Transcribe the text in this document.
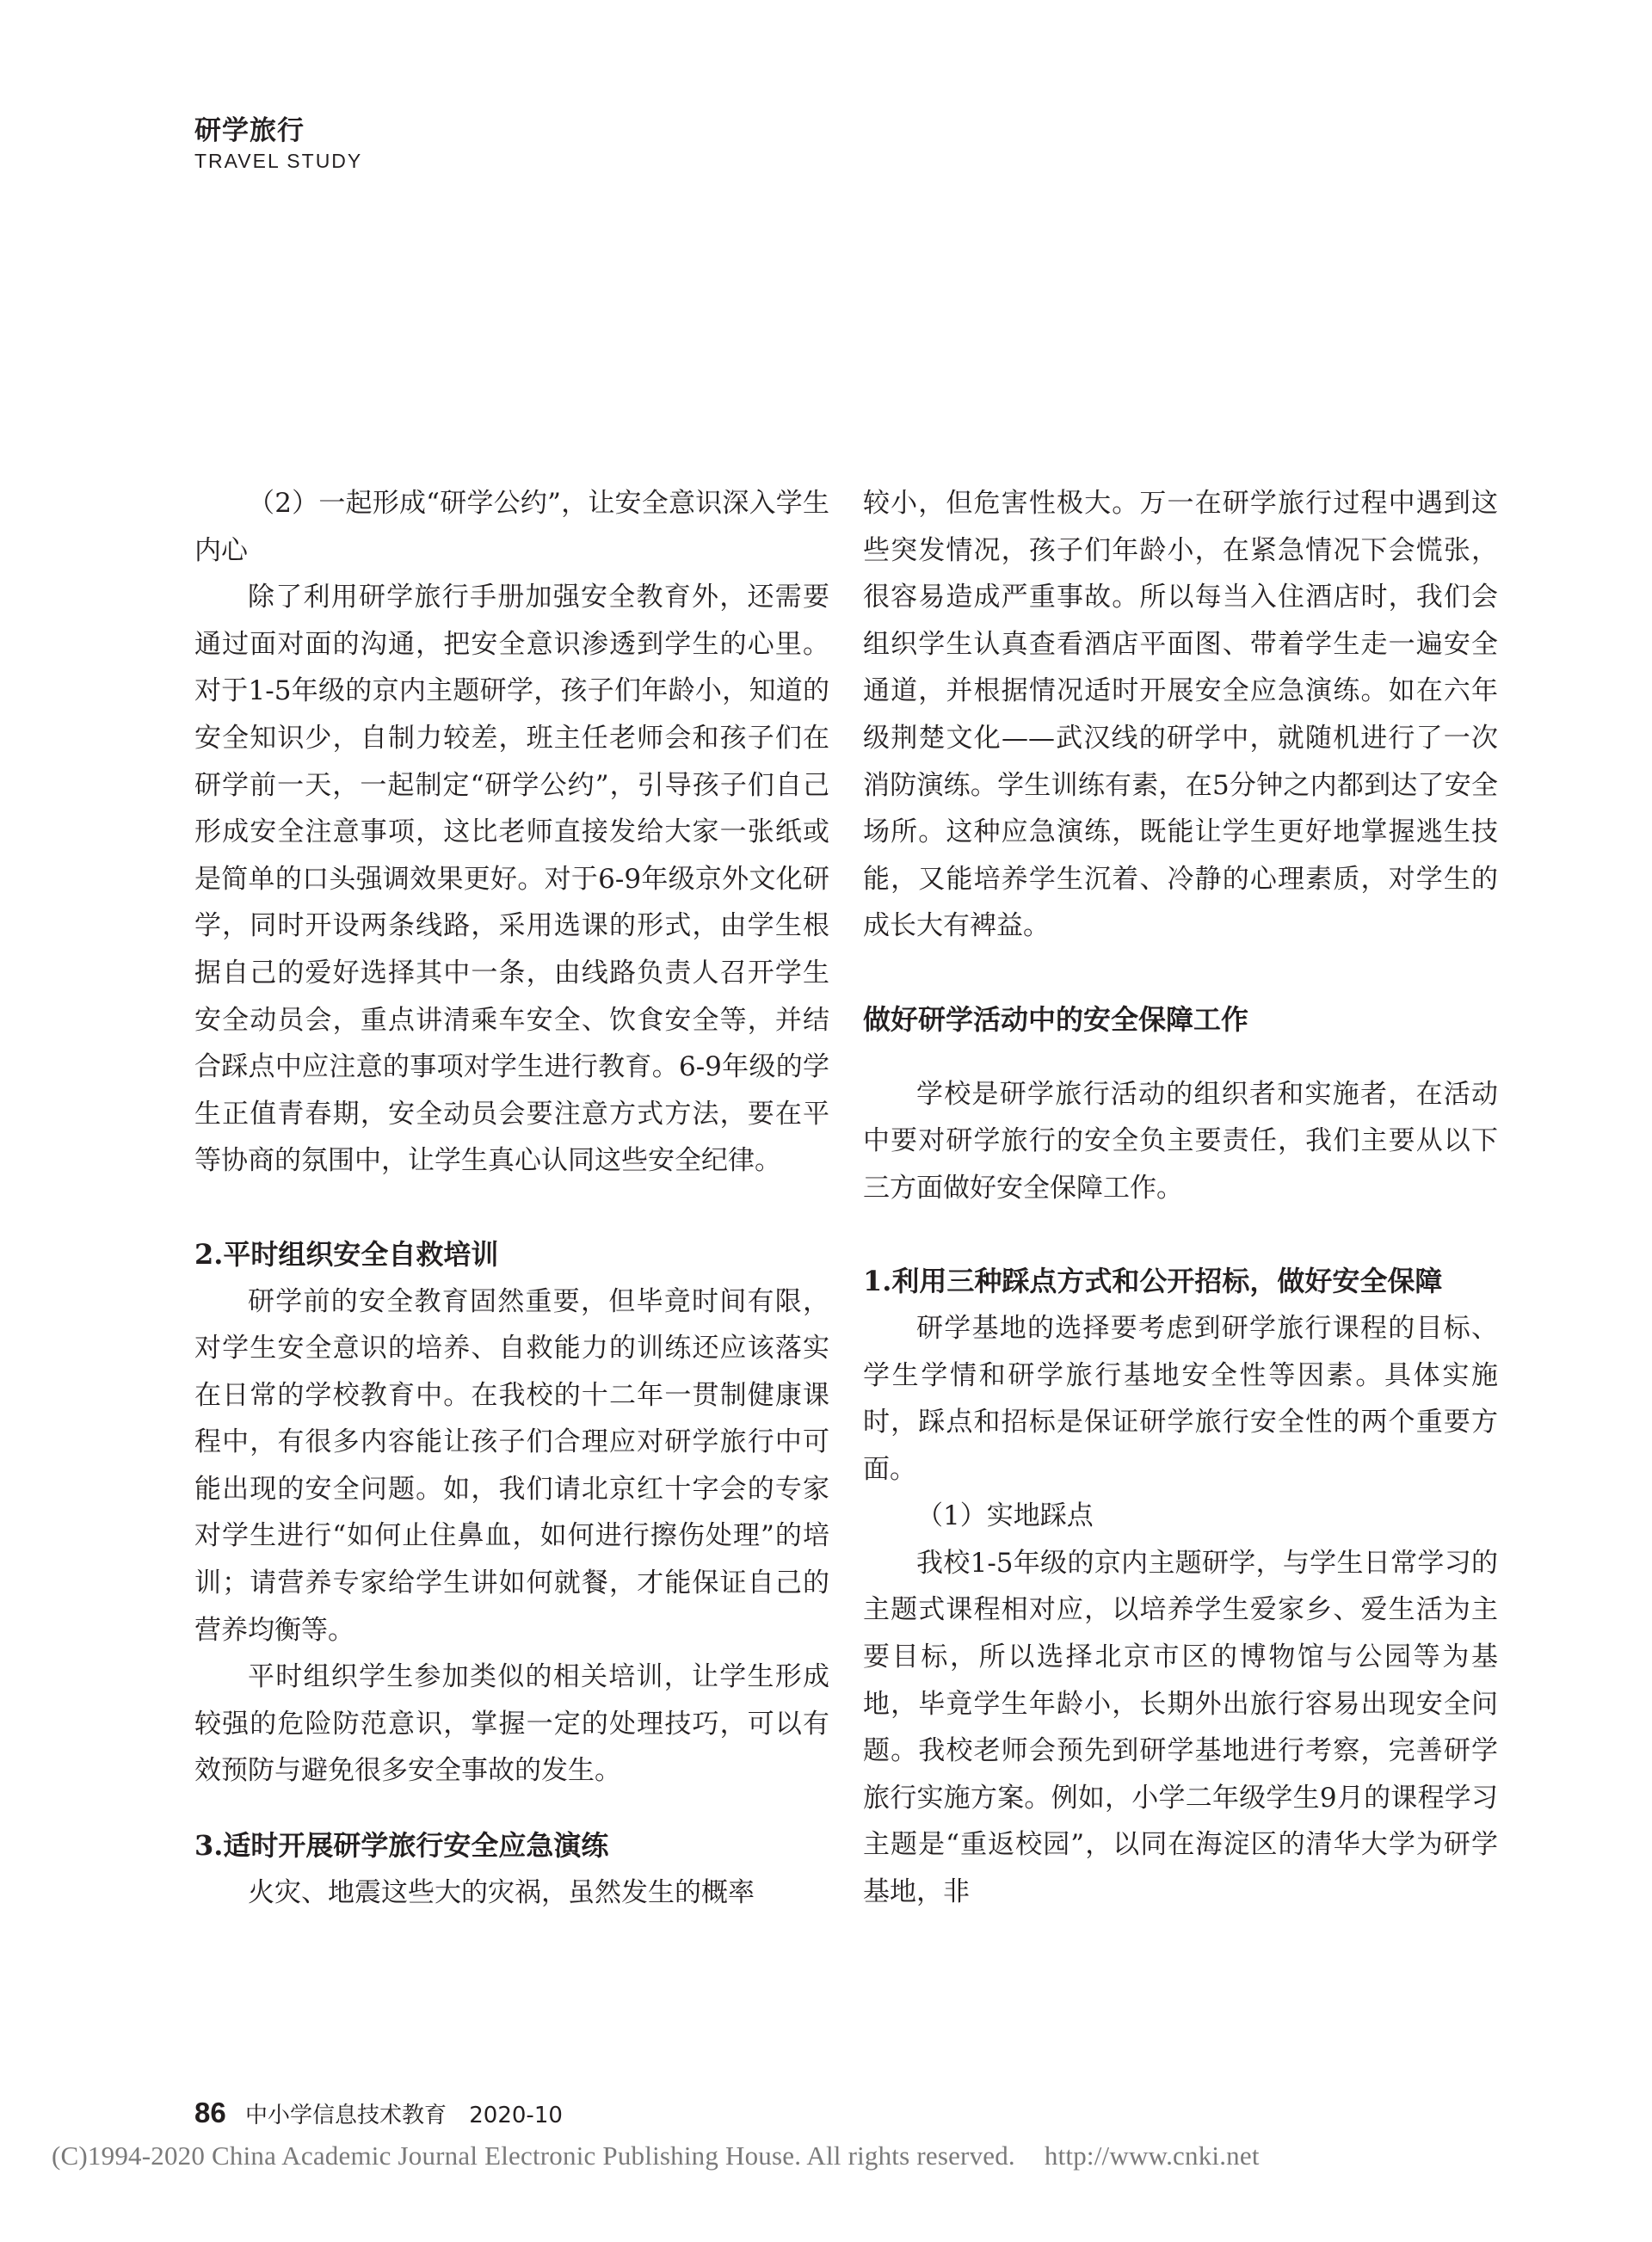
研学旅行
TRAVEL STUDY

（2）一起形成“研学公约”，让安全意识深入学生内心

除了利用研学旅行手册加强安全教育外，还需要通过面对面的沟通，把安全意识渗透到学生的心里。对于1-5年级的京内主题研学，孩子们年龄小，知道的安全知识少，自制力较差，班主任老师会和孩子们在研学前一天，一起制定“研学公约”，引导孩子们自己形成安全注意事项，这比老师直接发给大家一张纸或是简单的口头强调效果更好。对于6-9年级京外文化研学，同时开设两条线路，采用选课的形式，由学生根据自己的爱好选择其中一条，由线路负责人召开学生安全动员会，重点讲清乘车安全、饮食安全等，并结合踩点中应注意的事项对学生进行教育。6-9年级的学生正值青春期，安全动员会要注意方式方法，要在平等协商的氛围中，让学生真心认同这些安全纪律。

2.平时组织安全自救培训

研学前的安全教育固然重要，但毕竟时间有限，对学生安全意识的培养、自救能力的训练还应该落实在日常的学校教育中。在我校的十二年一贯制健康课程中，有很多内容能让孩子们合理应对研学旅行中可能出现的安全问题。如，我们请北京红十字会的专家对学生进行“如何止住鼻血，如何进行擦伤处理”的培训；请营养专家给学生讲如何就餐，才能保证自己的营养均衡等。

平时组织学生参加类似的相关培训，让学生形成较强的危险防范意识，掌握一定的处理技巧，可以有效预防与避免很多安全事故的发生。

3.适时开展研学旅行安全应急演练

火灾、地震这些大的灾祸，虽然发生的概率

较小，但危害性极大。万一在研学旅行过程中遇到这些突发情况，孩子们年龄小，在紧急情况下会慌张，很容易造成严重事故。所以每当入住酒店时，我们会组织学生认真查看酒店平面图、带着学生走一遍安全通道，并根据情况适时开展安全应急演练。如在六年级荆楚文化——武汉线的研学中，就随机进行了一次消防演练。学生训练有素，在5分钟之内都到达了安全场所。这种应急演练，既能让学生更好地掌握逃生技能，又能培养学生沉着、冷静的心理素质，对学生的成长大有裨益。

做好研学活动中的安全保障工作

学校是研学旅行活动的组织者和实施者，在活动中要对研学旅行的安全负主要责任，我们主要从以下三方面做好安全保障工作。

1.利用三种踩点方式和公开招标，做好安全保障

研学基地的选择要考虑到研学旅行课程的目标、学生学情和研学旅行基地安全性等因素。具体实施时，踩点和招标是保证研学旅行安全性的两个重要方面。

（1）实地踩点

我校1-5年级的京内主题研学，与学生日常学习的主题式课程相对应，以培养学生爱家乡、爱生活为主要目标，所以选择北京市区的博物馆与公园等为基地，毕竟学生年龄小，长期外出旅行容易出现安全问题。我校老师会预先到研学基地进行考察，完善研学旅行实施方案。例如，小学二年级学生9月的课程学习主题是“重返校园”，以同在海淀区的清华大学为研学基地，非

86 中小学信息技术教育 2020-10
(C)1994-2020 China Academic Journal Electronic Publishing House. All rights reserved. http://www.cnki.net
